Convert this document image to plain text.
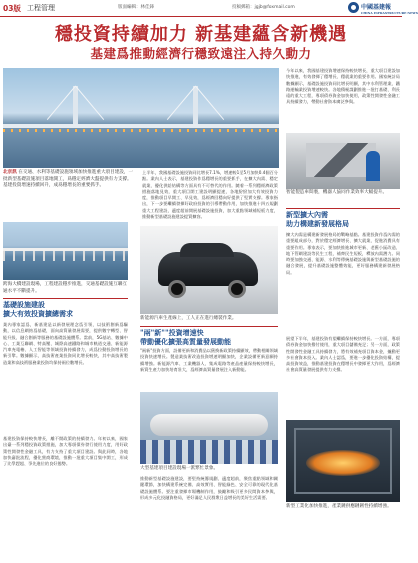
03版 工程管理	版面編輯：林佳鋒	投稿郵箱：jgjb@foxmail.com	中國基建報
CHINA INFRASTRUCTURE NEWS
穩投資持續加力 新基建蘊含新機遇
基建爲推動經濟行穩致遠注入持久動力
北京訊 在交通、水利等基礎設施領域加快推進重大項目建設，一批新型基礎設施項目落地開工，爲穩定經濟大盤提供有力支撐。基建投資增速持續回升，成爲穩增長的重要抓手。
上半年，我國基礎設施投資同比增長7.1%，增速較1至5月加快0.4個百分點。業內人士表示，基建投資作爲穩增長的重要抓手，在擴大內需、穩定就業、優化供給結構等方面具有不可替代的作用。隨着一系列穩經濟政策措施落地見效，重大項目開工建設明顯提速，各地紛紛加大有效投資力度，推動項目早開工、早見效，爲經濟回穩向好提供了堅實支撐。專家指出，下一步要繼續發揮好政府投資的引導帶動作用，加快推進十四五規劃重大工程建設，適度超前開展基礎設施投資，加大重點領域補短板力度，推動新型基礎設施建設提質擴容。
今年以來，我國基建投資增速保持較快增長，重大項目建設加快推進，有效發揮了穩增長、穩就業的重要作用。國家統計局數據顯示，基礎設施投資同比增長明顯，其中水利管理業、鐵路運輸業投資增速較快。各地積極謀劃推進一批打基礎、利長遠的重大工程，專項債券資金加快使用，政策性開發性金融工具持續發力，帶動社會資本廣泛參與。
智能製造車間裏，機器人協同作業效率大幅提升。
新型擴大內需
助力構建新發展格局
擴大內需是構建新發展格局的戰略基點。基建投資作爲內需的重要組成部分，對於穩定經濟增長、擴大就業、促進消費具有重要作用。專家表示，要加快推進城市更新、老舊小區改造、地下管網建設等民生工程，補齊民生短板，釋放內需潛力。同時要加強交通、能源、水利等傳統基礎設施與新型基礎設施的融合發展，提升基礎設施整體效能，更好服務構建新發展格局。
跨海大橋建設現場，工程建設穩步推進，交通基礎設施互聯互通水平不斷提升。
基礎設施建設
擴大有效投資擴總需求
業內專家認爲，新基建是以新發展理念爲引領，以技術創新爲驅動，以信息網絡爲基礎，面向高質量發展需要，提供數字轉型、智能升級、融合創新等服務的基礎設施體系。當前，5G基站、數據中心、工業互聯網、特高壓、城際高速鐵路和城市軌道交通、新能源汽車充電樁、人工智能等領域投資持續發力，成爲拉動投資增長的新引擎。數據顯示，高技術產業投資同比增長較快，其中高技術製造業和高技術服務業投資均保持兩位數增長。
基建投資保持較快增長，離不開政策的持續發力。年初以來，國家出臺一系列穩投資政策措施，加大專項債券發行使用力度，用好政策性開發性金融工具，有力支持了重大項目建設。與此同時，各地加快審批流程，優化營商環境，推動一批重大項目集中開工，形成了比學趕超、爭先進位的良好態勢。
新能源汽車生產線上，工人正在進行總裝作業。
"兩"新""投資增速快
帶動優化擴張高質量發展動能
"兩新"投資方面，設備更新和消費品以舊換新政策持續顯效，帶動相關領域投資快速增長。製造業技術改造投資增速明顯加快，企業設備更新意願持續增強。新能源汽車、工業機器人、集成電路等產品產量保持較快增長，新質生產力加快培育壯大，爲經濟高質量發展注入新動能。
大型基建項目建設現場一派繁忙景象。
推動新型基礎設施建設，要堅持統籌規劃、適度超前，聚焦重點領域和關鍵環節，加快構建系統完備、高效實用、智能綠色、安全可靠的現代化基礎設施體系。要注重發揮市場機制作用，鼓勵和吸引更多民間資本參與，形成多元化投融資格局，更好滿足人民群衆日益增長的美好生活需要。
展望下半年，基建投資有望繼續保持較快增長。一方面，專項債券資金加快撥付使用，重大項目儲備充足；另一方面，政策性開發性金融工具持續發力，將有效補充項目資本金，撬動更多社會資本投入。業內人士認爲，要進一步優化投資結構，提高投資效益，推動基建投資在穩增長中發揮更大作用，爲經濟社會高質量發展提供有力支撐。
新型工業化加快推進，產業鏈供應鏈韌性持續增強。
